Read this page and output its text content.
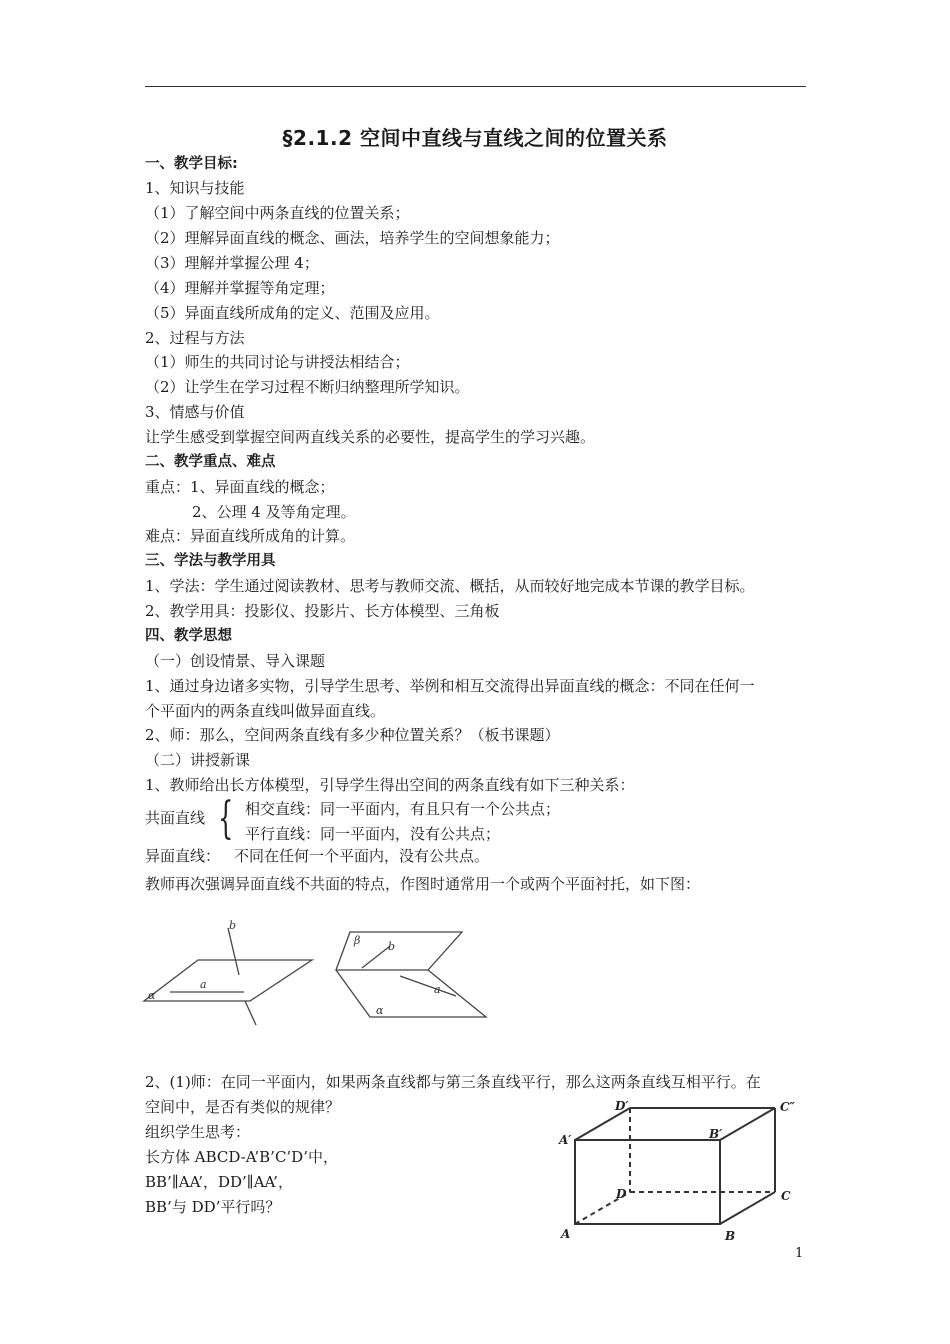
§2.1.2 空间中直线与直线之间的位置关系
一、教学目标:
1、知识与技能
（1）了解空间中两条直线的位置关系；
（2）理解异面直线的概念、画法，培养学生的空间想象能力；
（3）理解并掌握公理 4；
（4）理解并掌握等角定理；
（5）异面直线所成角的定义、范围及应用。
2、过程与方法
（1）师生的共同讨论与讲授法相结合；
（2）让学生在学习过程不断归纳整理所学知识。
3、情感与价值
让学生感受到掌握空间两直线关系的必要性，提高学生的学习兴趣。
二、教学重点、难点
重点：1、异面直线的概念；
2、公理 4 及等角定理。
难点：异面直线所成角的计算。
三、学法与教学用具
1、学法：学生通过阅读教材、思考与教师交流、概括，从而较好地完成本节课的教学目标。
2、教学用具：投影仪、投影片、长方体模型、三角板
四、教学思想
（一）创设情景、导入课题
1、通过身边诸多实物，引导学生思考、举例和相互交流得出异面直线的概念：不同在任何一
个平面内的两条直线叫做异面直线。
2、师：那么，空间两条直线有多少种位置关系？（板书课题）
（二）讲授新课
1、教师给出长方体模型，引导学生得出空间的两条直线有如下三种关系：
共面直线 { 相交直线：同一平面内，有且只有一个公共点；
平行直线：同一平面内，没有公共点；
异面直线： 不同在任何一个平面内，没有公共点。
教师再次强调异面直线不共面的特点，作图时通常用一个或两个平面衬托，如下图：
b
a
α
β	b
a
α
2、(1)师：在同一平面内，如果两条直线都与第三条直线平行，那么这两条直线互相平行。在
空间中，是否有类似的规律？
组织学生思考：
长方体 ABCD-A’B’C’D’中，
BB’∥AA’，DD’∥AA’，
BB’与 DD’平行吗？
A	B
C
D
A′	B′
C″
D′
1
